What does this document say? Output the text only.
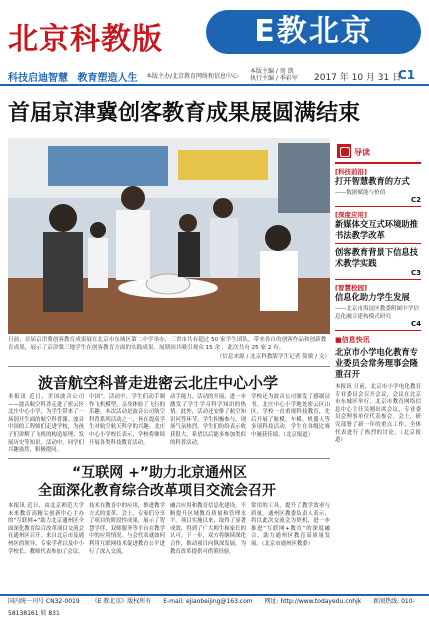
北京科教版	E教北京
科技启迪智慧 教育塑造人生	本版主办/北京教育网络和信息中心
本版主编 / 周 凯
执行主编 / 季彩军 2017 年 10 月 31 日
C1
首届京津冀创客教育成果展圆满结束
日前，首届京津冀创客教育成果展在北京市东城区第二中学举办，三省市共有超过 50 家学生团队，带来各自的创客作品和创新教育成果，展示了京津冀三地学生在创客教育方面的实践成果。展期间共吸引观众 15 余 ，此次共有 25 家 2 有。
（信息来源 / 北京科教版学生记者 简敏 / 文）
导读
[科技前沿]
打开智慧教育的方式
——数据赋能与价值
C2
[深度应用]
新媒体交互式环境助推书法教学改革
创客教育背景下信息技术教学实践
C3
[智慧校园]
信息化助力学生发展
——北京市海淀区教委附属中学信息化融合建构模式研究
C4
■信息快讯
北京市小学电化教育专业委员会常务理事会隆重召开
本报讯 日前，北京市小学电化教育专业委员会召开会议，会议在北京市东城区举行，北京市教育网络信息中心主任吴刚出席会议，专业委员会理事单位代表参会。会上，研究部署了新一年的重点工作，全体代表进行了热烈的讨论。（北京报道）
波音航空科普走进密云北庄中心小学
本报讯 近日，美国波音公司——波音航空科普走进了密云区北庄中心小学，为学生带来了一场别开生面的航空科普课。波音中国的工程师们走进学校，为孩子们讲解了飞机的构造原理、发展历史等知识。活动中，同学们兴趣盎然，积极提问。
中国”。活动中，学生们动手制作飞机模型，亲身体验了飞行的乐趣。本次活动是波音公司航空科普系列活动之一，旨在提高学生对航空航天科学的兴趣。北庄中心小学校长表示，学校将继续开展各类科技教育活动。
动手能力。活动的开展，进一步激发了学生学习科学知识的热情。此外，活动还安排了航空知识问答环节，学生积极参与，现场气氛热烈。学生们纷纷表示收获很大，希望以后能多参加类似的科普活动。
学校还为波音公司颁发了感谢证书。北庄中心小学地处密云区山区，学校一直重视科技教育，先后开展了航模、车模、机器人等多项科技活动，学生在各级比赛中屡获佳绩。（北京报道）
“互联网 +”助力北京通州区
全面深化教育综合改革项目交流会召开
本报讯 近日，由北京师范大学未来教育高精尖创新中心主办的“互联网+”助力北京通州区全面深化教育综合改革项目交流会在通州区召开。来自北京市及通州区的领导、专家学者以及中小学校长、教师代表参加了会议。
技术在教育中的应用，推进教学方式的变革。会上，专家们分享了项目的阶段性成果，展示了智慧学伴、双师服务等平台在教学中的应用情况。与会代表就如何利用互联网技术促进教育公平进行了深入交流。
融合应用和教育信息化建设，不断提升区域教育质量和管理水平。项目实施以来，取得了显著成效，得到了广大师生和家长的认可。下一步，双方将继续深化合作，推动项目向纵深发展，为教育改革提供可借鉴经验。
常用的工具，提升了教学效率与质量。通州区教委负责人表示，将以此次交流会为契机，进一步推进“互联网+教育”的深度融合，助力通州区教育高质量发展。（北京市通州区教委）
国内统一刊号 CN32-0019 《E 教北京》版权所有 E-mail: ejiaobeijing@163.com 网址: http://www.todayedu.cnhjk 新闻热线: 010-58138161 转 831
